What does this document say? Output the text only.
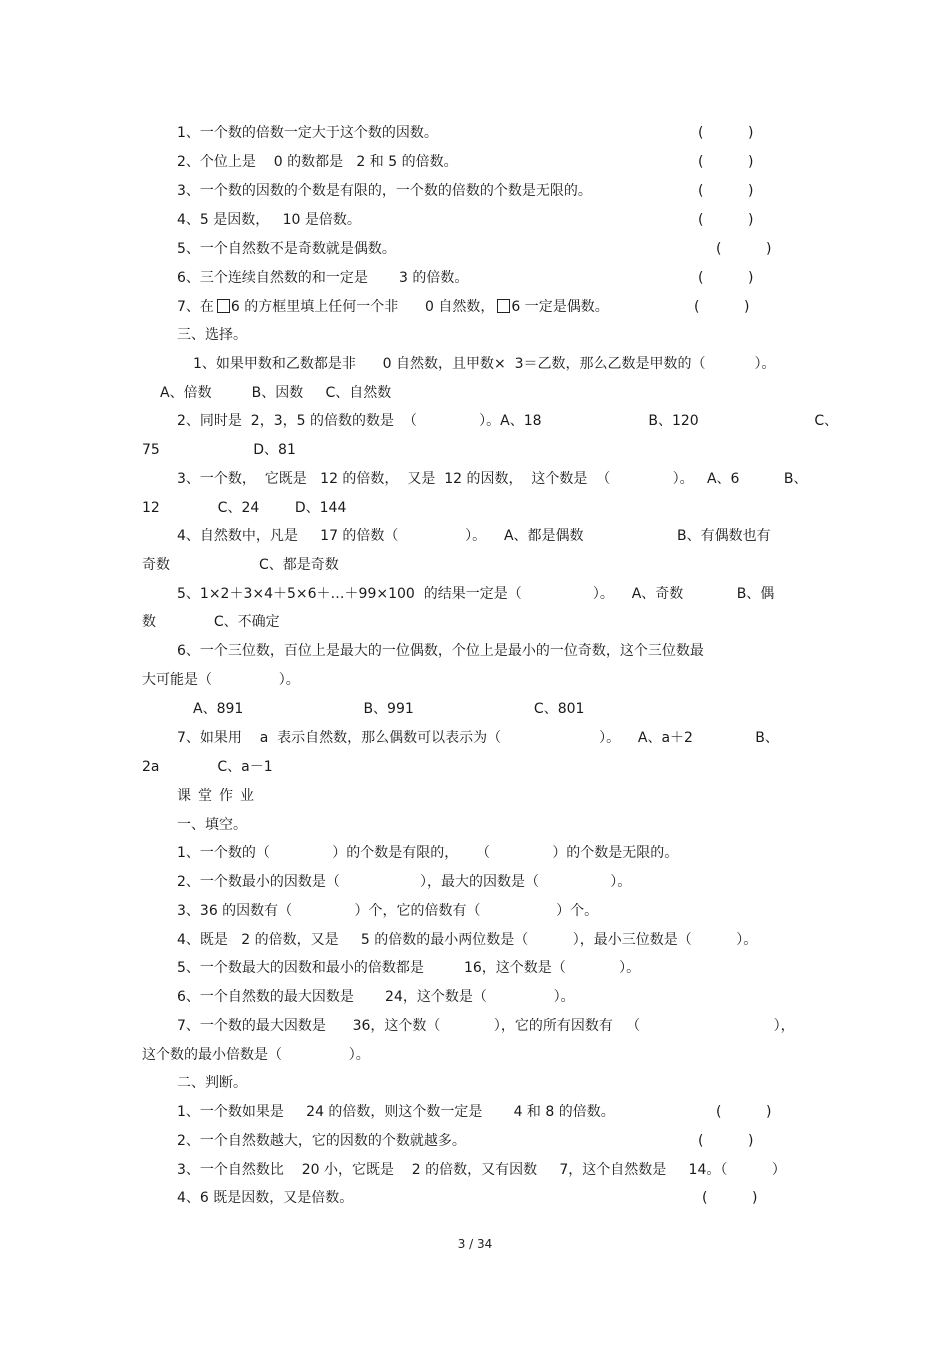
1、一个数的倍数一定大于这个数的因数。	(          )
2、个位上是    0 的数都是   2 和 5 的倍数。	(          )
3、一个数的因数的个数是有限的，一个数的倍数的个数是无限的。	(          )
4、5 是因数，   10 是倍数。	(          )
5、一个自然数不是奇数就是偶数。	(          )
6、三个连续自然数的和一定是       3 的倍数。	(          )
7、在 6 的方框里填上任何一个非      0 自然数， 6 一定是偶数。	(          )
三、选择。
1、如果甲数和乙数都是非      0 自然数，且甲数×  3＝乙数，那么乙数是甲数的（           ）。
A、倍数         B、因数     C、自然数
2、同时是  2，3，5 的倍数的数是  （              ）。A、18                        B、120                          C、
75                     D、81
3、一个数，  它既是   12 的倍数，  又是  12 的因数，  这个数是  （              ）。   A、6          B、
12             C、24        D、144
4、自然数中，凡是     17 的倍数（               ）。    A、都是偶数                     B、有偶数也有
奇数                    C、都是奇数
5、1×2＋3×4＋5×6＋…＋99×100  的结果一定是（                ）。    A、奇数            B、偶
数             C、不确定
6、一个三位数，百位上是最大的一位偶数，个位上是最小的一位奇数，这个三位数最
大可能是（               ）。
A、891                           B、991                           C、801
7、如果用    a  表示自然数，那么偶数可以表示为（                      ）。    A、a＋2              B、
2a             C、a－1
课堂作业
一、填空。
1、一个数的（              ）的个数是有限的，    （              ）的个数是无限的。
2、一个数最小的因数是（                  ），最大的因数是（                ）。
3、36 的因数有（              ）个，它的倍数有（                 ）个。
4、既是   2 的倍数，又是     5 的倍数的最小两位数是（          ），最小三位数是（          ）。
5、一个数最大的因数和最小的倍数都是         16，这个数是（            ）。
6、一个自然数的最大因数是       24，这个数是（               ）。
7、一个数的最大因数是      36，这个数（            ），它的所有因数有   （                              ），
这个数的最小倍数是（               ）。
二、判断。
1、一个数如果是     24 的倍数，则这个数一定是       4 和 8 的倍数。	(          )
2、一个自然数越大，它的因数的个数就越多。	(          )
3、一个自然数比    20 小，它既是    2 的倍数，又有因数     7，这个自然数是     14。（          ）
4、6 既是因数，又是倍数。	(          )
3 / 34
